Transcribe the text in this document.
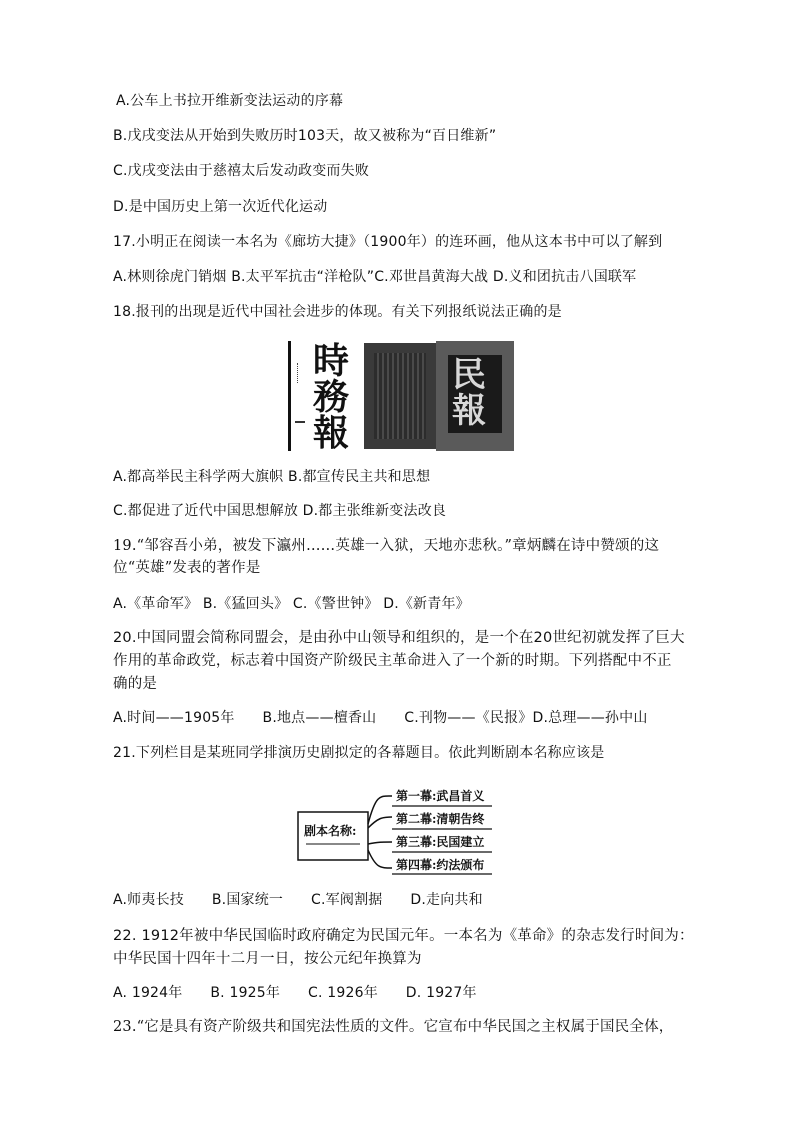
A.公车上书拉开维新变法运动的序幕
B.戊戌变法从开始到失败历时103天，故又被称为“百日维新”
C.戊戌变法由于慈禧太后发动政变而失败
D.是中国历史上第一次近代化运动
17.小明正在阅读一本名为《廊坊大捷》（1900年）的连环画，他从这本书中可以了解到
A.林则徐虎门销烟 B.太平军抗击“洋枪队”C.邓世昌黄海大战 D.义和团抗击八国联军
18.报刊的出现是近代中国社会进步的体现。有关下列报纸说法正确的是
時
務
報
民
報
A.都高举民主科学两大旗帜 B.都宣传民主共和思想
C.都促进了近代中国思想解放 D.都主张维新变法改良
19.“邹容吾小弟，被发下瀛州……英雄一入狱，天地亦悲秋。”章炳麟在诗中赞颂的这
位“英雄”发表的著作是
A.《革命军》 B.《猛回头》 C.《警世钟》 D.《新青年》
20.中国同盟会简称同盟会，是由孙中山领导和组织的，是一个在20世纪初就发挥了巨大
作用的革命政党，标志着中国资产阶级民主革命进入了一个新的时期。下列搭配中不正
确的是
A.时间——1905年      B.地点——檀香山      C.刊物——《民报》D.总理——孙中山
21.下列栏目是某班同学排演历史剧拟定的各幕题目。依此判断剧本名称应该是
剧本名称:
第一幕:武昌首义
第二幕:清朝告终
第三幕:民国建立
第四幕:约法颁布
A.师夷长技      B.国家统一      C.军阀割据      D.走向共和
22. 1912年被中华民国临时政府确定为民国元年。一本名为《革命》的杂志发行时间为：
中华民国十四年十二月一日，按公元纪年换算为
A. 1924年      B. 1925年      C. 1926年      D. 1927年
23.“它是具有资产阶级共和国宪法性质的文件。它宣布中华民国之主权属于国民全体，
